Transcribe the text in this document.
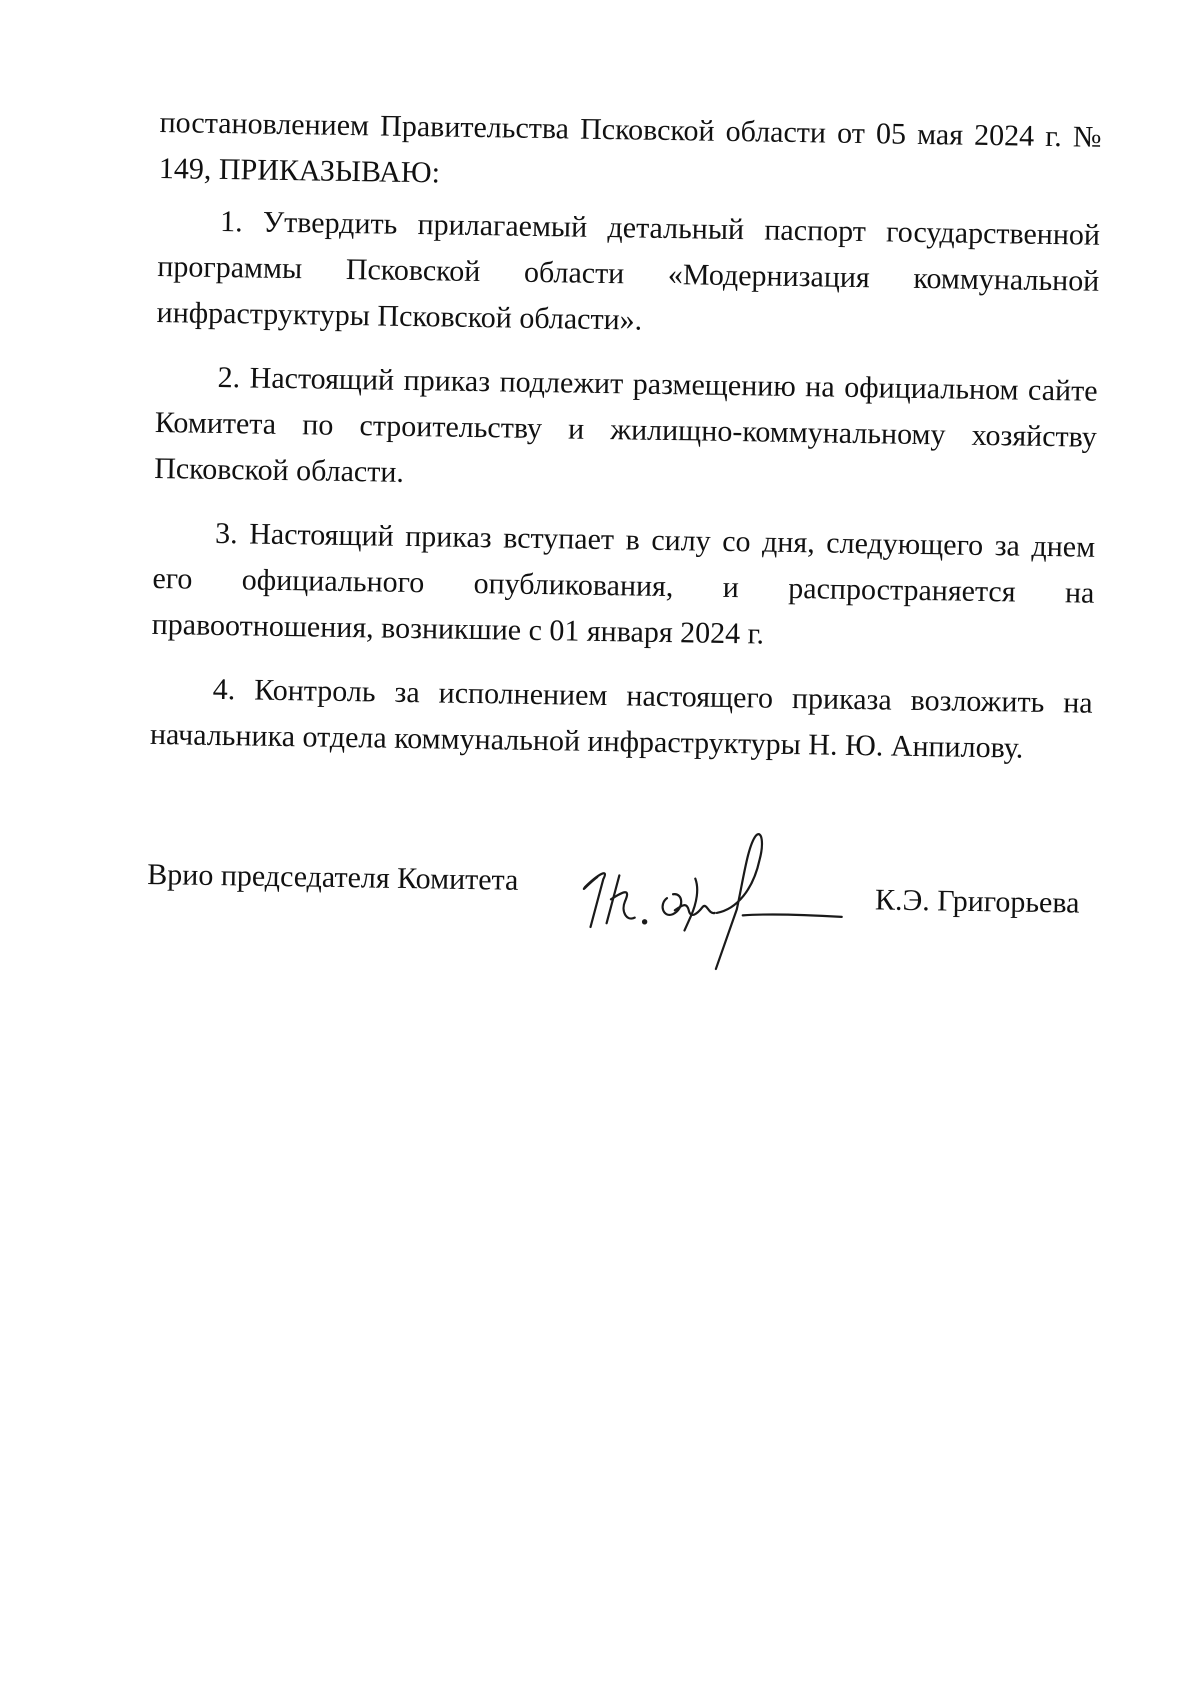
постановлением Правительства Псковской области от 05 мая 2024 г. № 149, ПРИКАЗЫВАЮ:

1. Утвердить прилагаемый детальный паспорт государственной программы Псковской области «Модернизация коммунальной инфраструктуры Псковской области».

2. Настоящий приказ подлежит размещению на официальном сайте Комитета по строительству и жилищно-коммунальному хозяйству Псковской области.

3. Настоящий приказ вступает в силу со дня, следующего за днем его официального опубликования, и распространяется на правоотношения, возникшие с 01 января 2024 г.

4. Контроль за исполнением настоящего приказа возложить на начальника отдела коммунальной инфраструктуры Н. Ю. Анпилову.

Врио председателя Комитета
К.Э. Григорьева
